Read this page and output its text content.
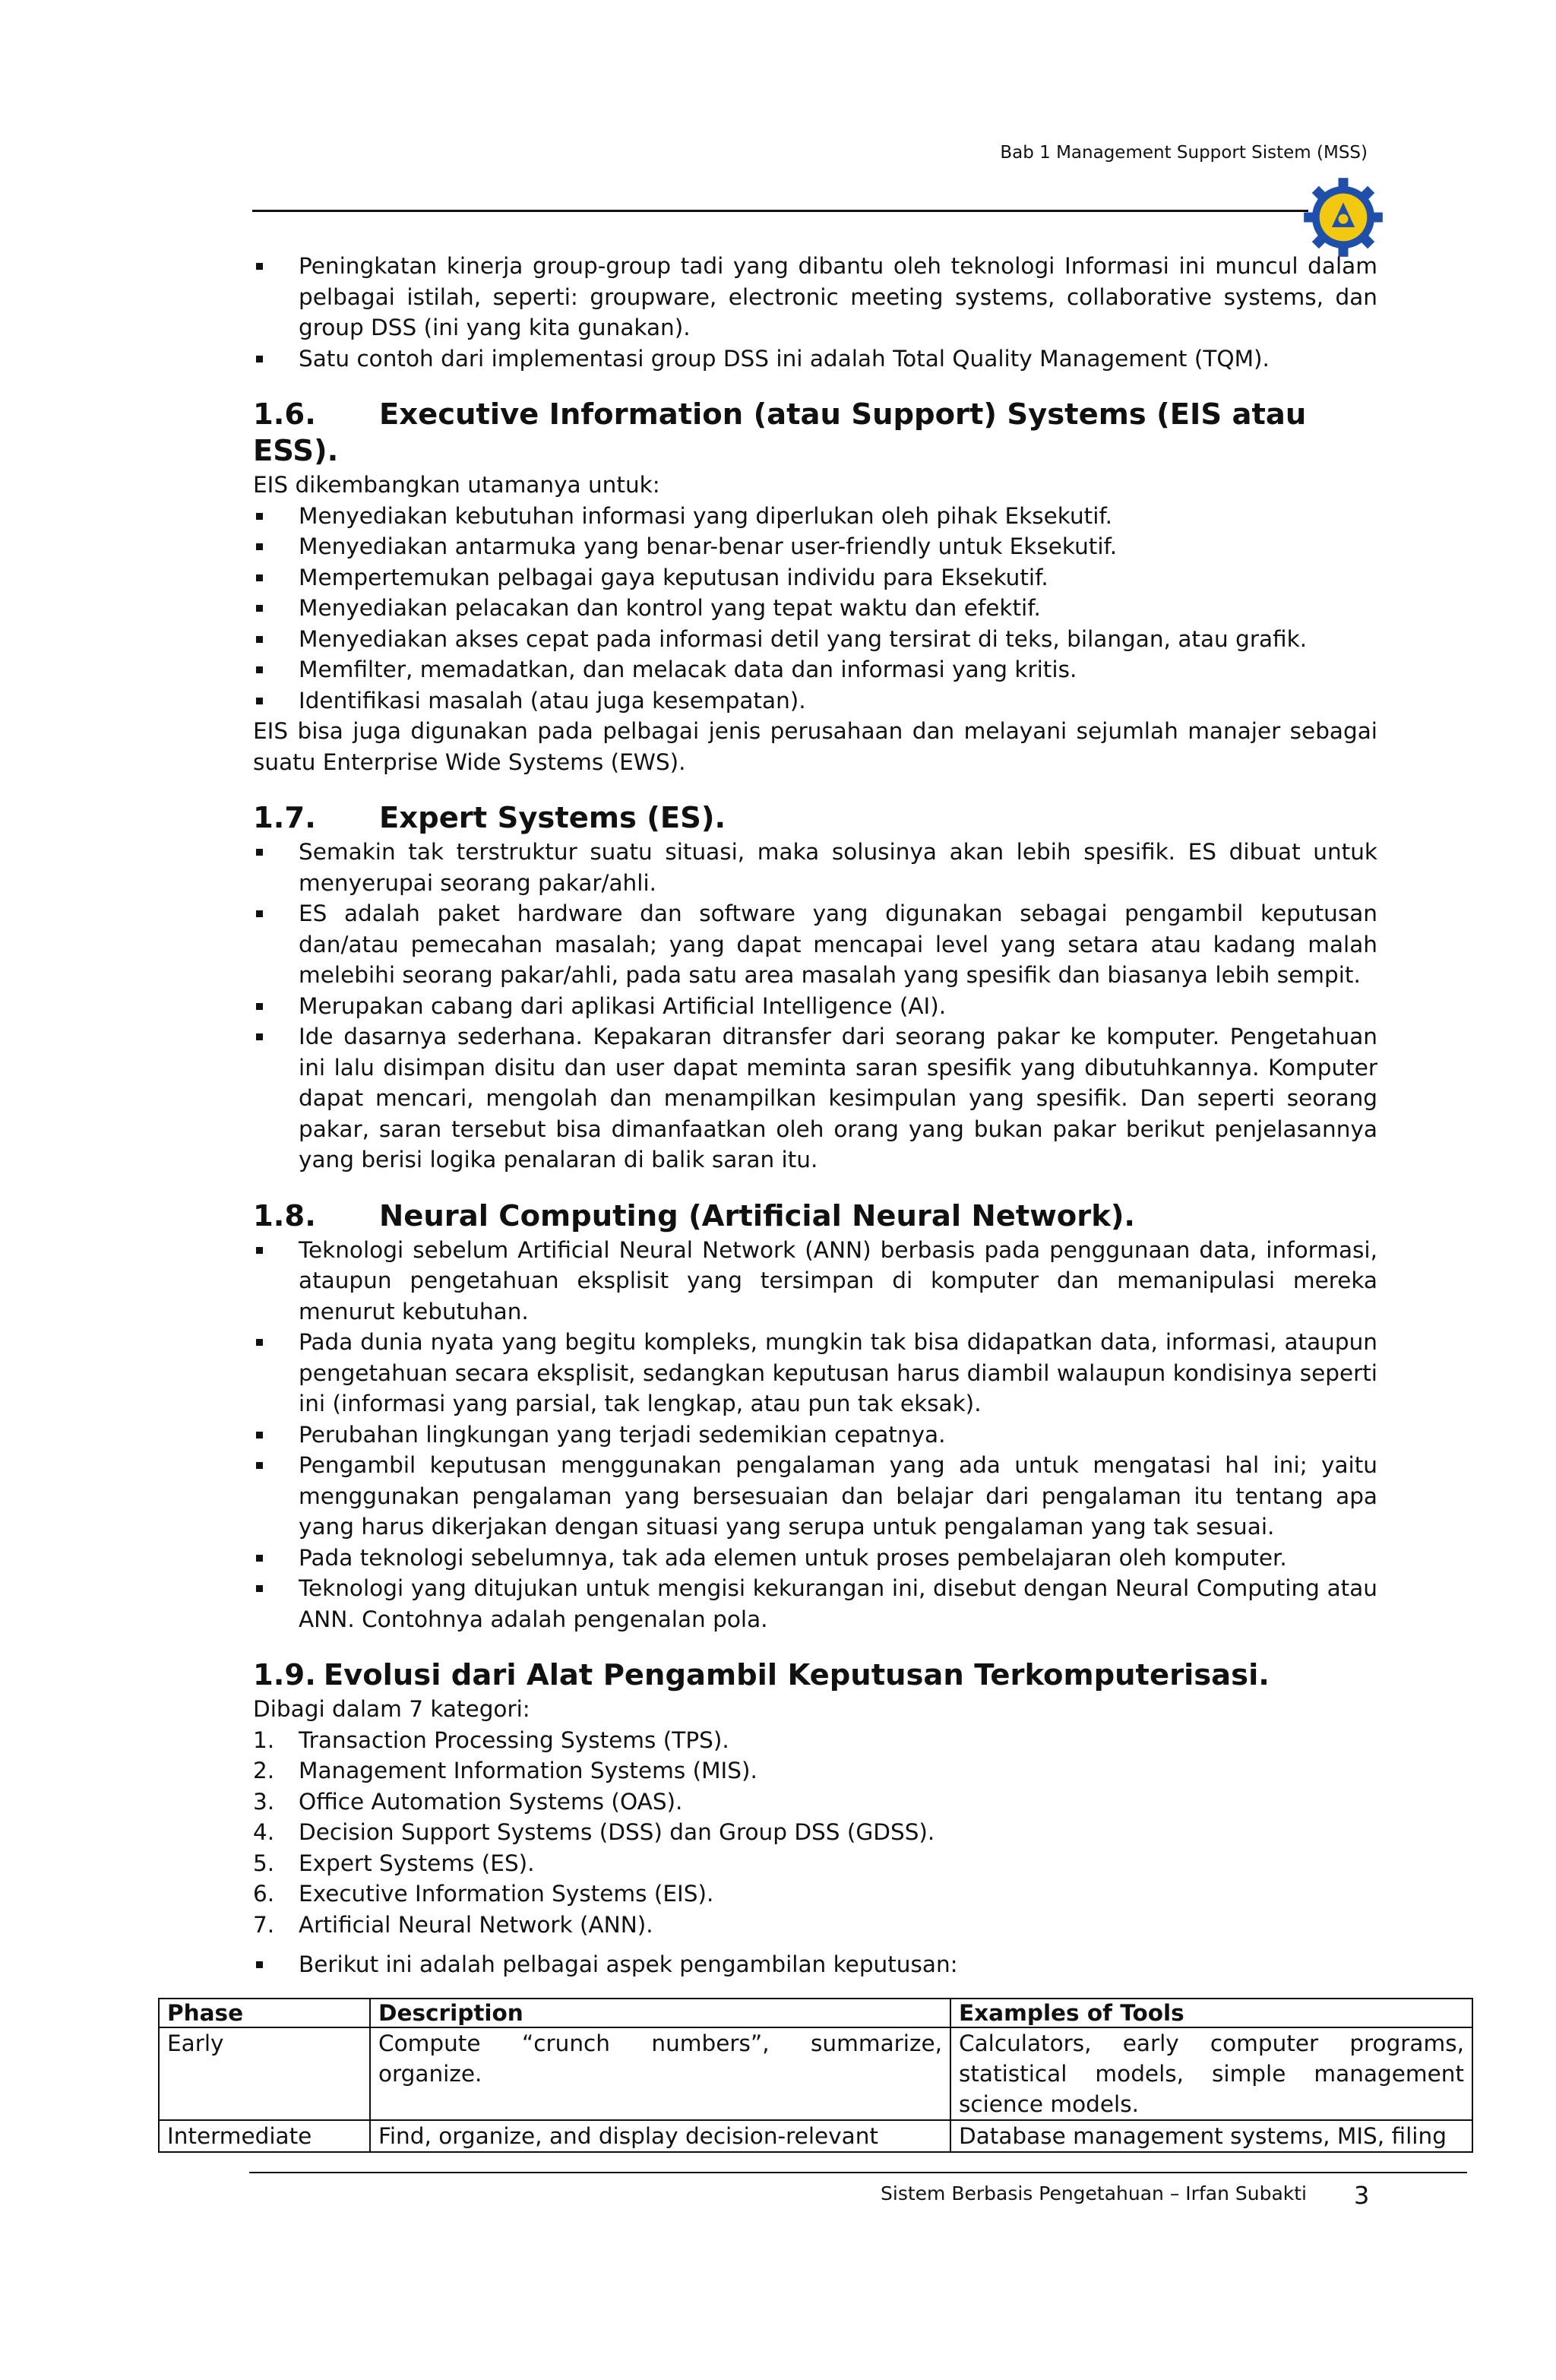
Bab 1 Management Support Sistem (MSS)
Peningkatan kinerja group-group tadi yang dibantu oleh teknologi Informasi ini muncul dalam pelbagai istilah, seperti: groupware, electronic meeting systems, collaborative systems, dan group DSS (ini yang kita gunakan).
Satu contoh dari implementasi group DSS ini adalah Total Quality Management (TQM).
1.6. Executive Information (atau Support) Systems (EIS atau ESS).

EIS dikembangkan utamanya untuk:

Menyediakan kebutuhan informasi yang diperlukan oleh pihak Eksekutif.
Menyediakan antarmuka yang benar-benar user-friendly untuk Eksekutif.
Mempertemukan pelbagai gaya keputusan individu para Eksekutif.
Menyediakan pelacakan dan kontrol yang tepat waktu dan efektif.
Menyediakan akses cepat pada informasi detil yang tersirat di teks, bilangan, atau grafik.
Memfilter, memadatkan, dan melacak data dan informasi yang kritis.
Identifikasi masalah (atau juga kesempatan).

EIS bisa juga digunakan pada pelbagai jenis perusahaan dan melayani sejumlah manajer sebagai suatu Enterprise Wide Systems (EWS).

1.7. Expert Systems (ES).
Semakin tak terstruktur suatu situasi, maka solusinya akan lebih spesifik. ES dibuat untuk menyerupai seorang pakar/ahli.
ES adalah paket hardware dan software yang digunakan sebagai pengambil keputusan dan/atau pemecahan masalah; yang dapat mencapai level yang setara atau kadang malah melebihi seorang pakar/ahli, pada satu area masalah yang spesifik dan biasanya lebih sempit.
Merupakan cabang dari aplikasi Artificial Intelligence (AI).
Ide dasarnya sederhana. Kepakaran ditransfer dari seorang pakar ke komputer. Pengetahuan ini lalu disimpan disitu dan user dapat meminta saran spesifik yang dibutuhkannya. Komputer dapat mencari, mengolah dan menampilkan kesimpulan yang spesifik. Dan seperti seorang pakar, saran tersebut bisa dimanfaatkan oleh orang yang bukan pakar berikut penjelasannya yang berisi logika penalaran di balik saran itu.
1.8. Neural Computing (Artificial Neural Network).
Teknologi sebelum Artificial Neural Network (ANN) berbasis pada penggunaan data, informasi, ataupun pengetahuan eksplisit yang tersimpan di komputer dan memanipulasi mereka menurut kebutuhan.
Pada dunia nyata yang begitu kompleks, mungkin tak bisa didapatkan data, informasi, ataupun pengetahuan secara eksplisit, sedangkan keputusan harus diambil walaupun kondisinya seperti ini (informasi yang parsial, tak lengkap, atau pun tak eksak).
Perubahan lingkungan yang terjadi sedemikian cepatnya.
Pengambil keputusan menggunakan pengalaman yang ada untuk mengatasi hal ini; yaitu menggunakan pengalaman yang bersesuaian dan belajar dari pengalaman itu tentang apa yang harus dikerjakan dengan situasi yang serupa untuk pengalaman yang tak sesuai.
Pada teknologi sebelumnya, tak ada elemen untuk proses pembelajaran oleh komputer.
Teknologi yang ditujukan untuk mengisi kekurangan ini, disebut dengan Neural Computing atau ANN. Contohnya adalah pengenalan pola.
1.9. Evolusi dari Alat Pengambil Keputusan Terkomputerisasi.

Dibagi dalam 7 kategori:

1. Transaction Processing Systems (TPS).
2. Management Information Systems (MIS).
3. Office Automation Systems (OAS).
4. Decision Support Systems (DSS) dan Group DSS (GDSS).
5. Expert Systems (ES).
6. Executive Information Systems (EIS).
7. Artificial Neural Network (ANN).
Berikut ini adalah pelbagai aspek pengambilan keputusan:
Phase	Description	Examples of Tools
Early	Compute “crunch numbers”, summarize, organize.	Calculators, early computer programs, statistical models, simple management science models.
Intermediate	Find, organize, and display decision-relevant	Database management systems, MIS, filing
Sistem Berbasis Pengetahuan – Irfan Subakti 3
